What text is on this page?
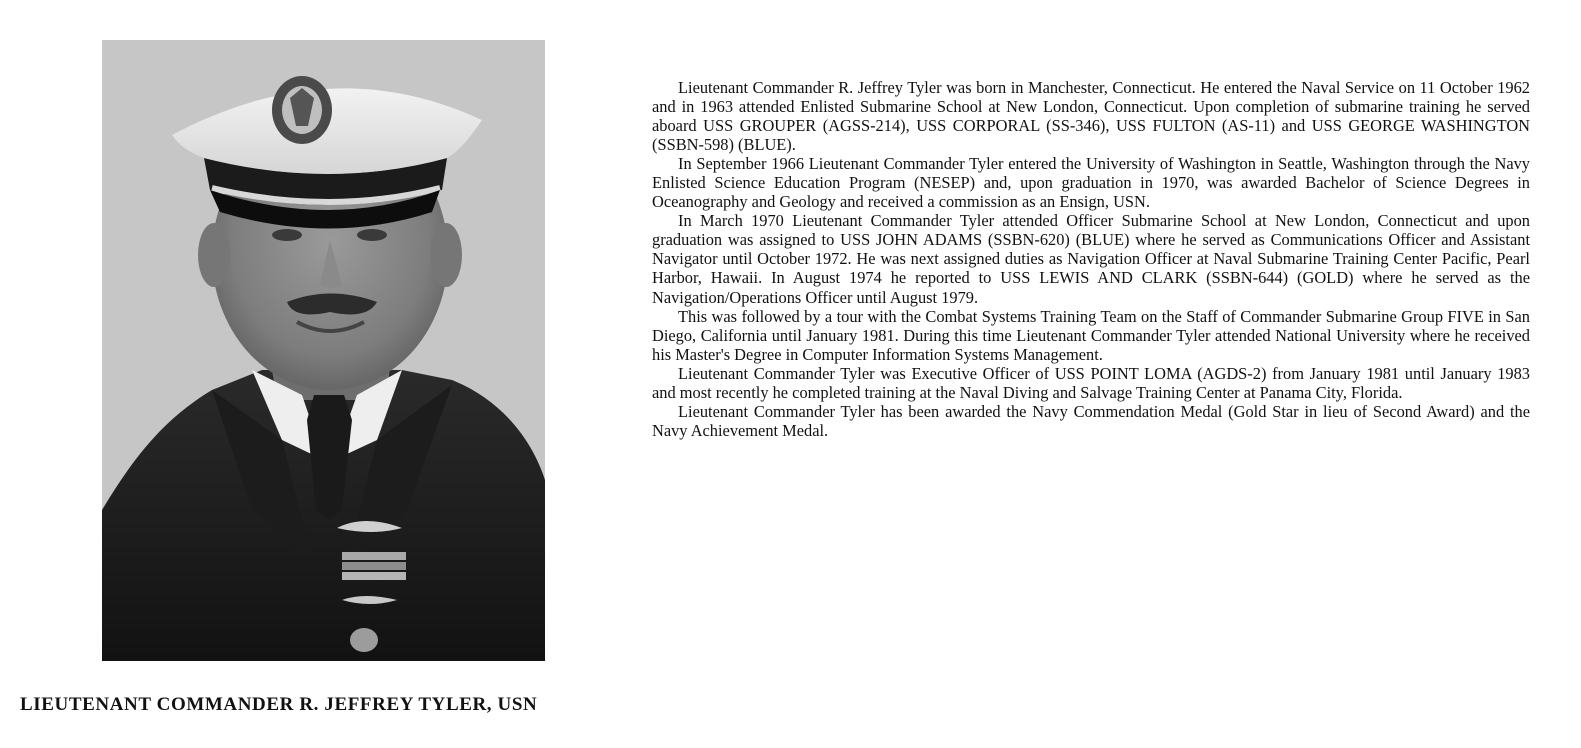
Lieutenant Commander R. Jeffrey Tyler was born in Manchester, Connecticut. He entered the Naval Service on 11 October 1962 and in 1963 attended Enlisted Submarine School at New London, Connecticut. Upon completion of submarine training he served aboard USS GROUPER (AGSS-214), USS CORPORAL (SS-346), USS FULTON (AS-11) and USS GEORGE WASHINGTON (SSBN-598) (BLUE).

In September 1966 Lieutenant Commander Tyler entered the University of Washington in Seattle, Washington through the Navy Enlisted Science Education Program (NESEP) and, upon graduation in 1970, was awarded Bachelor of Science Degrees in Oceanography and Geology and received a commission as an Ensign, USN.

In March 1970 Lieutenant Commander Tyler attended Officer Submarine School at New London, Connecticut and upon graduation was assigned to USS JOHN ADAMS (SSBN-620) (BLUE) where he served as Communications Officer and Assistant Navigator until October 1972. He was next assigned duties as Navigation Officer at Naval Submarine Training Center Pacific, Pearl Harbor, Hawaii. In August 1974 he reported to USS LEWIS AND CLARK (SSBN-644) (GOLD) where he served as the Navigation/Operations Officer until August 1979.

This was followed by a tour with the Combat Systems Training Team on the Staff of Commander Submarine Group FIVE in San Diego, California until January 1981. During this time Lieutenant Commander Tyler attended National University where he received his Master's Degree in Computer Information Systems Management.

Lieutenant Commander Tyler was Executive Officer of USS POINT LOMA (AGDS-2) from January 1981 until January 1983 and most recently he completed training at the Naval Diving and Salvage Training Center at Panama City, Florida.

Lieutenant Commander Tyler has been awarded the Navy Commendation Medal (Gold Star in lieu of Second Award) and the Navy Achievement Medal.

LIEUTENANT COMMANDER R. JEFFREY TYLER, USN
